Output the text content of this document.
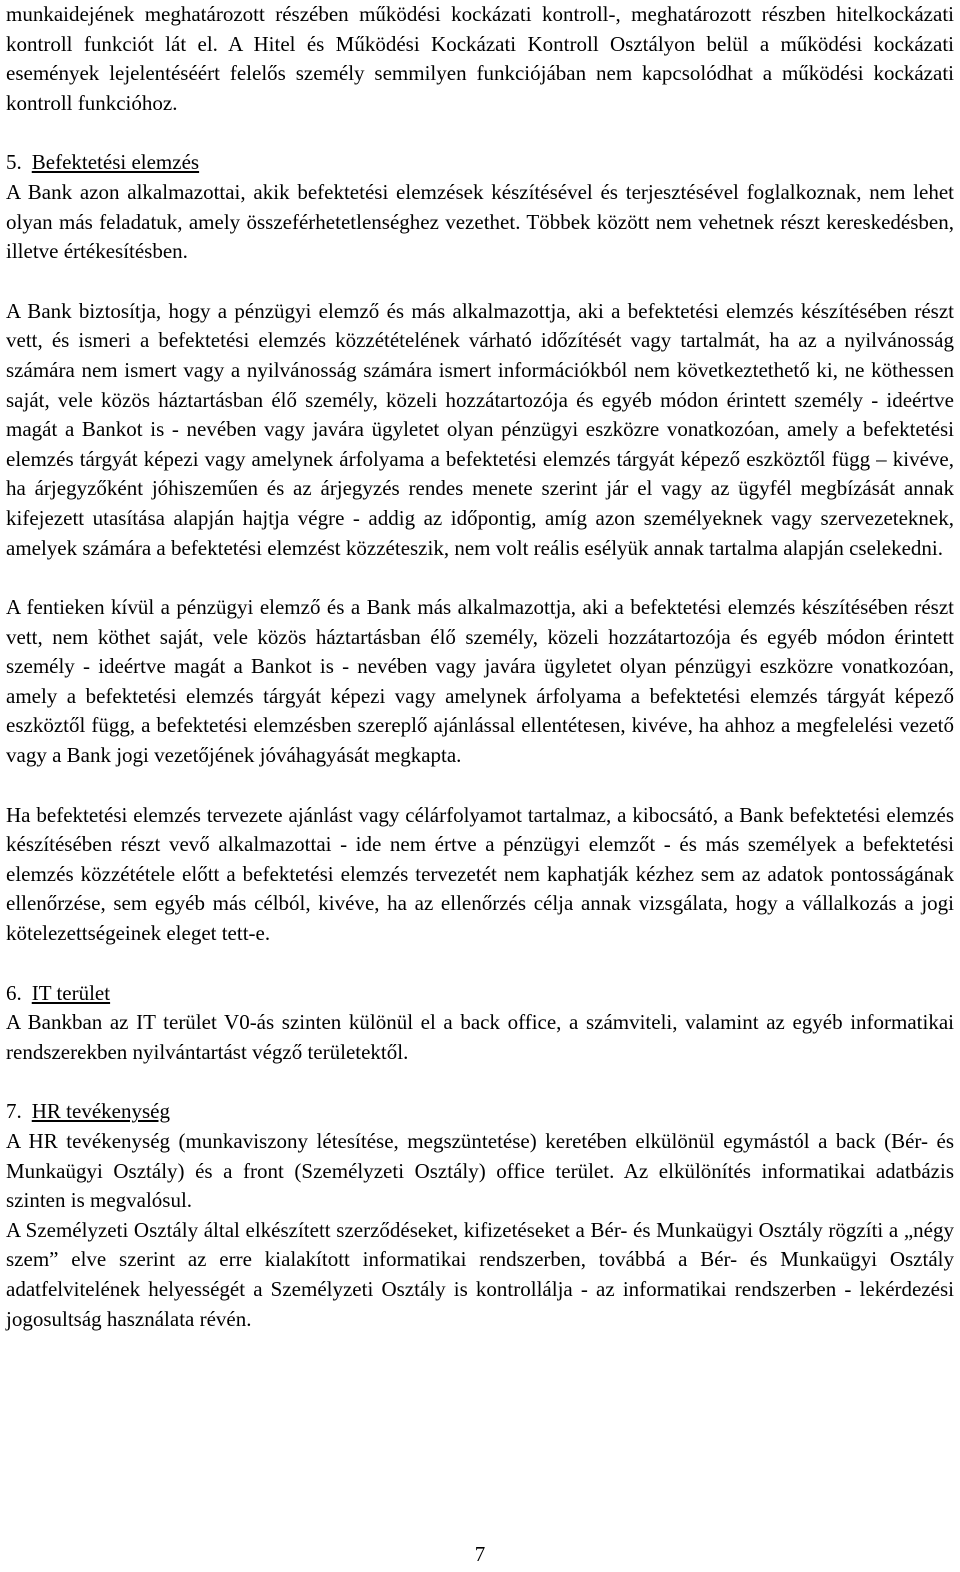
munkaidejének meghatározott részében működési kockázati kontroll-, meghatározott részben hitelkockázati kontroll funkciót lát el. A Hitel és Működési Kockázati Kontroll Osztályon belül a működési kockázati események lejelentéséért felelős személy semmilyen funkciójában nem kapcsolódhat a működési kockázati kontroll funkcióhoz.

5. Befektetési elemzés

A Bank azon alkalmazottai, akik befektetési elemzések készítésével és terjesztésével foglalkoznak, nem lehet olyan más feladatuk, amely összeférhetetlenséghez vezethet. Többek között nem vehetnek részt kereskedésben, illetve értékesítésben.

A Bank biztosítja, hogy a pénzügyi elemző és más alkalmazottja, aki a befektetési elemzés készítésében részt vett, és ismeri a befektetési elemzés közzétételének várható időzítését vagy tartalmát, ha az a nyilvánosság számára nem ismert vagy a nyilvánosság számára ismert információkból nem következtethető ki, ne köthessen saját, vele közös háztartásban élő személy, közeli hozzátartozója és egyéb módon érintett személy - ideértve magát a Bankot is - nevében vagy javára ügyletet olyan pénzügyi eszközre vonatkozóan, amely a befektetési elemzés tárgyát képezi vagy amelynek árfolyama a befektetési elemzés tárgyát képező eszköztől függ – kivéve, ha árjegyzőként jóhiszeműen és az árjegyzés rendes menete szerint jár el vagy az ügyfél megbízását annak kifejezett utasítása alapján hajtja végre - addig az időpontig, amíg azon személyeknek vagy szervezeteknek, amelyek számára a befektetési elemzést közzéteszik, nem volt reális esélyük annak tartalma alapján cselekedni.

A fentieken kívül a pénzügyi elemző és a Bank más alkalmazottja, aki a befektetési elemzés készítésében részt vett, nem köthet saját, vele közös háztartásban élő személy, közeli hozzátartozója és egyéb módon érintett személy - ideértve magát a Bankot is - nevében vagy javára ügyletet olyan pénzügyi eszközre vonatkozóan, amely a befektetési elemzés tárgyát képezi vagy amelynek árfolyama a befektetési elemzés tárgyát képező eszköztől függ, a befektetési elemzésben szereplő ajánlással ellentétesen, kivéve, ha ahhoz a megfelelési vezető vagy a Bank jogi vezetőjének jóváhagyását megkapta.

Ha befektetési elemzés tervezete ajánlást vagy célárfolyamot tartalmaz, a kibocsátó, a Bank befektetési elemzés készítésében részt vevő alkalmazottai - ide nem értve a pénzügyi elemzőt - és más személyek a befektetési elemzés közzététele előtt a befektetési elemzés tervezetét nem kaphatják kézhez sem az adatok pontosságának ellenőrzése, sem egyéb más célból, kivéve, ha az ellenőrzés célja annak vizsgálata, hogy a vállalkozás a jogi kötelezettségeinek eleget tett-e.

6. IT terület

A Bankban az IT terület V0-ás szinten különül el a back office, a számviteli, valamint az egyéb informatikai rendszerekben nyilvántartást végző területektől.

7. HR tevékenység

A HR tevékenység (munkaviszony létesítése, megszüntetése) keretében elkülönül egymástól a back (Bér- és Munkaügyi Osztály) és a front (Személyzeti Osztály) office terület. Az elkülönítés informatikai adatbázis szinten is megvalósul.

A Személyzeti Osztály által elkészített szerződéseket, kifizetéseket a Bér- és Munkaügyi Osztály rögzíti a „négy szem” elve szerint az erre kialakított informatikai rendszerben, továbbá a Bér- és Munkaügyi Osztály adatfelvitelének helyességét a Személyzeti Osztály is kontrollálja - az informatikai rendszerben - lekérdezési jogosultság használata révén.

7
